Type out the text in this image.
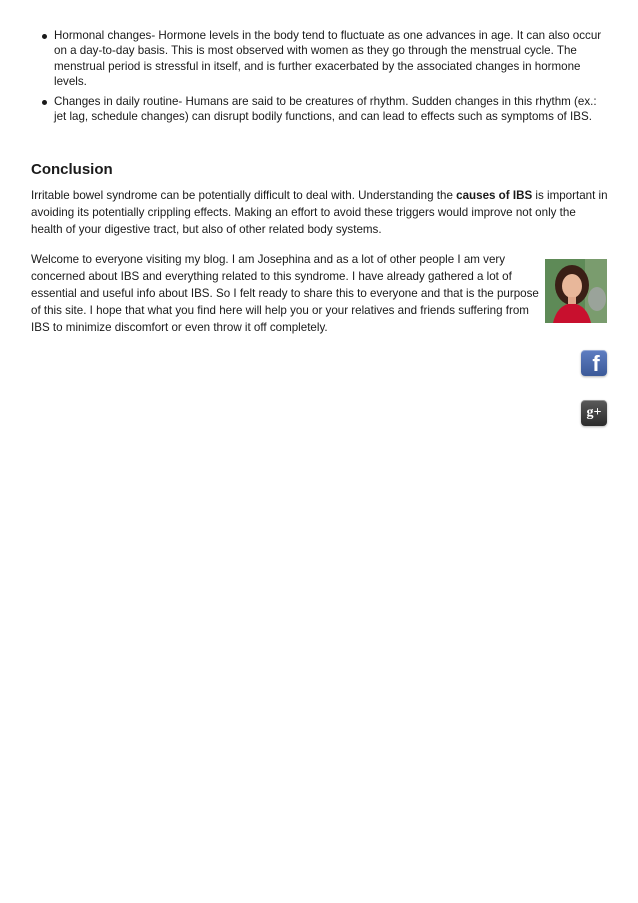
Hormonal changes- Hormone levels in the body tend to fluctuate as one advances in age. It can also occur on a day-to-day basis. This is most observed with women as they go through the menstrual cycle. The menstrual period is stressful in itself, and is further exacerbated by the associated changes in hormone levels.
Changes in daily routine- Humans are said to be creatures of rhythm. Sudden changes in this rhythm (ex.: jet lag, schedule changes) can disrupt bodily functions, and can lead to effects such as symptoms of IBS.
Conclusion

Irritable bowel syndrome can be potentially difficult to deal with. Understanding the causes of IBS is important in avoiding its potentially crippling effects. Making an effort to avoid these triggers would improve not only the health of your digestive tract, but also of other related body systems.

Welcome to everyone visiting my blog. I am Josephina and as a lot of other people I am very concerned about IBS and everything related to this syndrome. I have already gathered a lot of essential and useful info about IBS. So I felt ready to share this to everyone and that is the purpose of this site. I hope that what you find here will help you or your relatives and friends suffering from IBS to minimize discomfort or even throw it off completely.

f
g+
